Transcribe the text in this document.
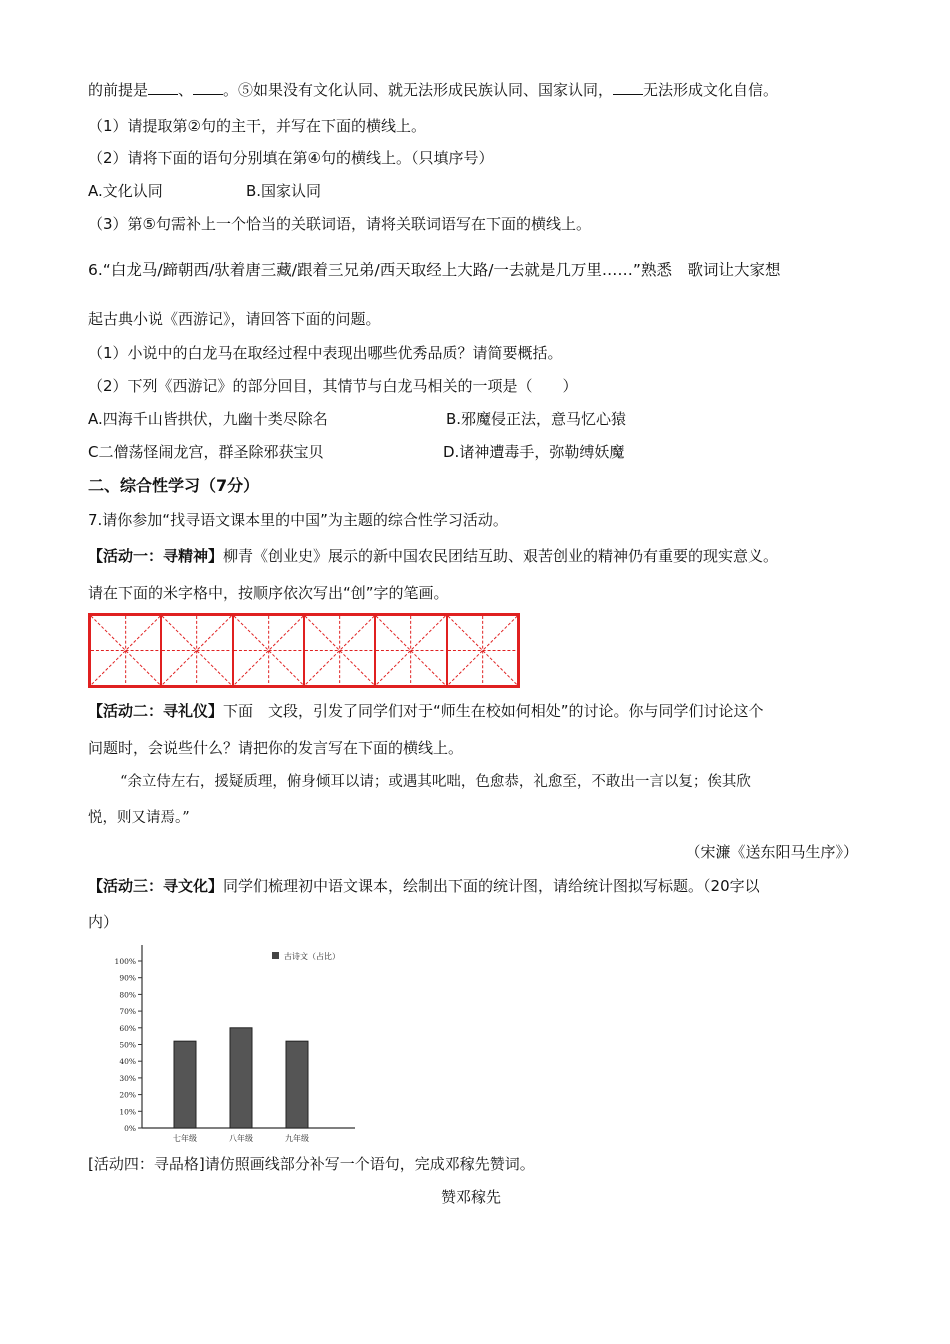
的前提是 、 。⑤如果没有文化认同、就无法形成民族认同、国家认同， 无法形成文化自信。
（1）请提取第②句的主干，并写在下面的横线上。
（2）请将下面的语句分别填在第④句的横线上。（只填序号）
A.文化认同	B.国家认同
（3）第⑤句需补上一个恰当的关联词语，请将关联词语写在下面的横线上。
6.“白龙马/蹄朝西/驮着唐三藏/跟着三兄弟/西天取经上大路/一去就是几万里……”熟悉　歌词让大家想
起古典小说《西游记》，请回答下面的问题。
（1）小说中的白龙马在取经过程中表现出哪些优秀品质？请简要概括。
（2）下列《西游记》的部分回目，其情节与白龙马相关的一项是（　　）
A.四海千山皆拱伏，九幽十类尽除名	B.邪魔侵正法，意马忆心猿
C二僧荡怪闹龙宫，群圣除邪获宝贝	D.诸神遭毒手，弥勒缚妖魔
二、综合性学习（7分）
7.请你参加“找寻语文课本里的中国”为主题的综合性学习活动。
【活动一：寻精神】柳青《创业史》展示的新中国农民团结互助、艰苦创业的精神仍有重要的现实意义。
请在下面的米字格中，按顺序依次写出“创”字的笔画。
【活动二：寻礼仪】下面　文段，引发了同学们对于“师生在校如何相处”的讨论。你与同学们讨论这个
问题时，会说些什么？请把你的发言写在下面的横线上。
“余立侍左右，援疑质理，俯身倾耳以请；或遇其叱咄，色愈恭，礼愈至，不敢出一言以复；俟其欣
悦，则又请焉。”
（宋濂《送东阳马生序》）
【活动三：寻文化】同学们梳理初中语文课本，绘制出下面的统计图，请给统计图拟写标题。（20字以
内）
0%
10%
20%
30%
40%
50%
60%
70%
80%
90%
100%
七年级	八年级	九年级
古诗文（占比）
[活动四：寻品格]请仿照画线部分补写一个语句，完成邓稼先赞词。
赞邓稼先
